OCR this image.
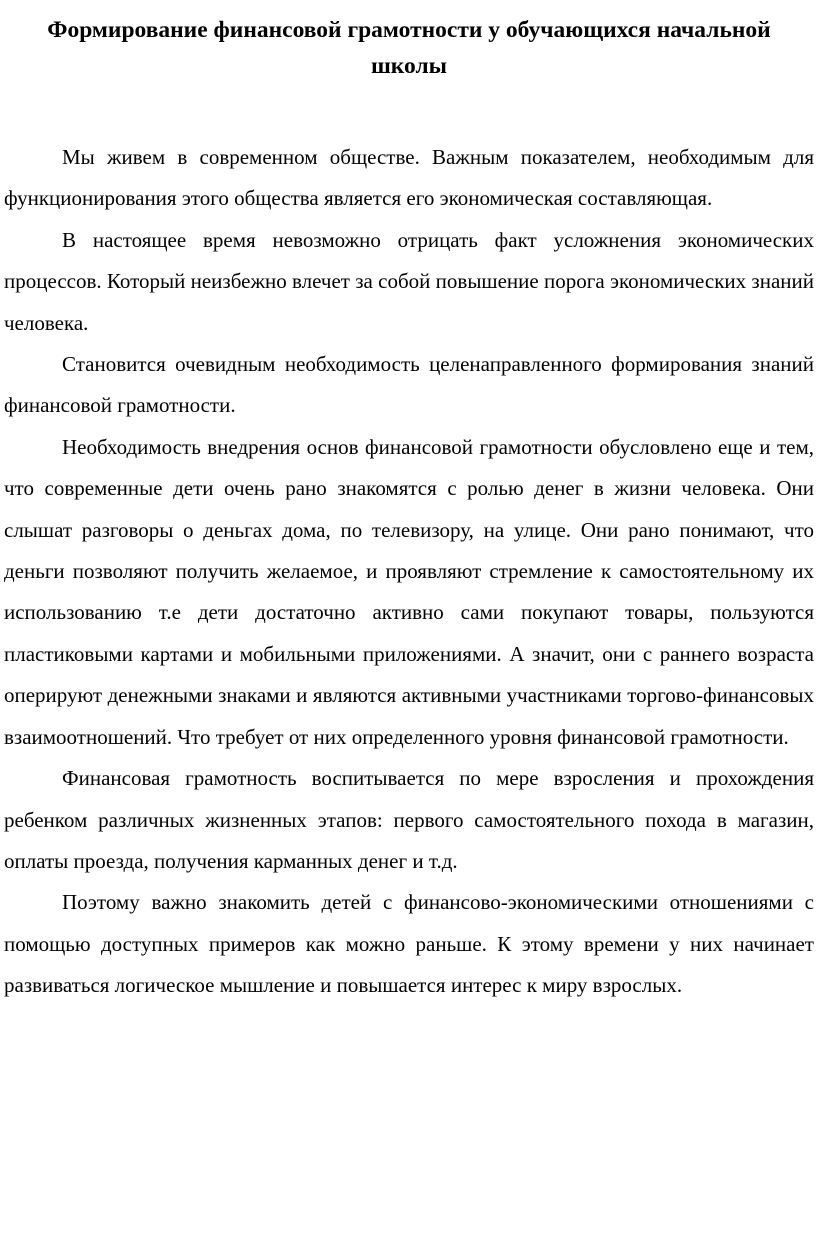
Формирование финансовой грамотности у обучающихся начальной школы

Мы живем в современном обществе. Важным показателем, необходимым для функционирования этого общества является его экономическая составляющая.

В настоящее время невозможно отрицать факт усложнения экономических процессов. Который неизбежно влечет за собой повышение порога экономических знаний человека.

Становится очевидным необходимость целенаправленного формирования знаний финансовой грамотности.

Необходимость внедрения основ финансовой грамотности обусловлено еще и тем, что современные дети очень рано знакомятся с ролью денег в жизни человека. Они слышат разговоры о деньгах дома, по телевизору, на улице. Они рано понимают, что деньги позволяют получить желаемое, и проявляют стремление к самостоятельному их использованию т.е дети достаточно активно сами покупают товары, пользуются пластиковыми картами и мобильными приложениями. А значит, они с раннего возраста оперируют денежными знаками и являются активными участниками торгово-финансовых взаимоотношений. Что требует от них определенного уровня финансовой грамотности.

Финансовая грамотность воспитывается по мере взросления и прохождения ребенком различных жизненных этапов: первого самостоятельного похода в магазин, оплаты проезда, получения карманных денег и т.д.

Поэтому важно знакомить детей с финансово-экономическими отношениями с помощью доступных примеров как можно раньше. К этому времени у них начинает развиваться логическое мышление и повышается интерес к миру взрослых.
